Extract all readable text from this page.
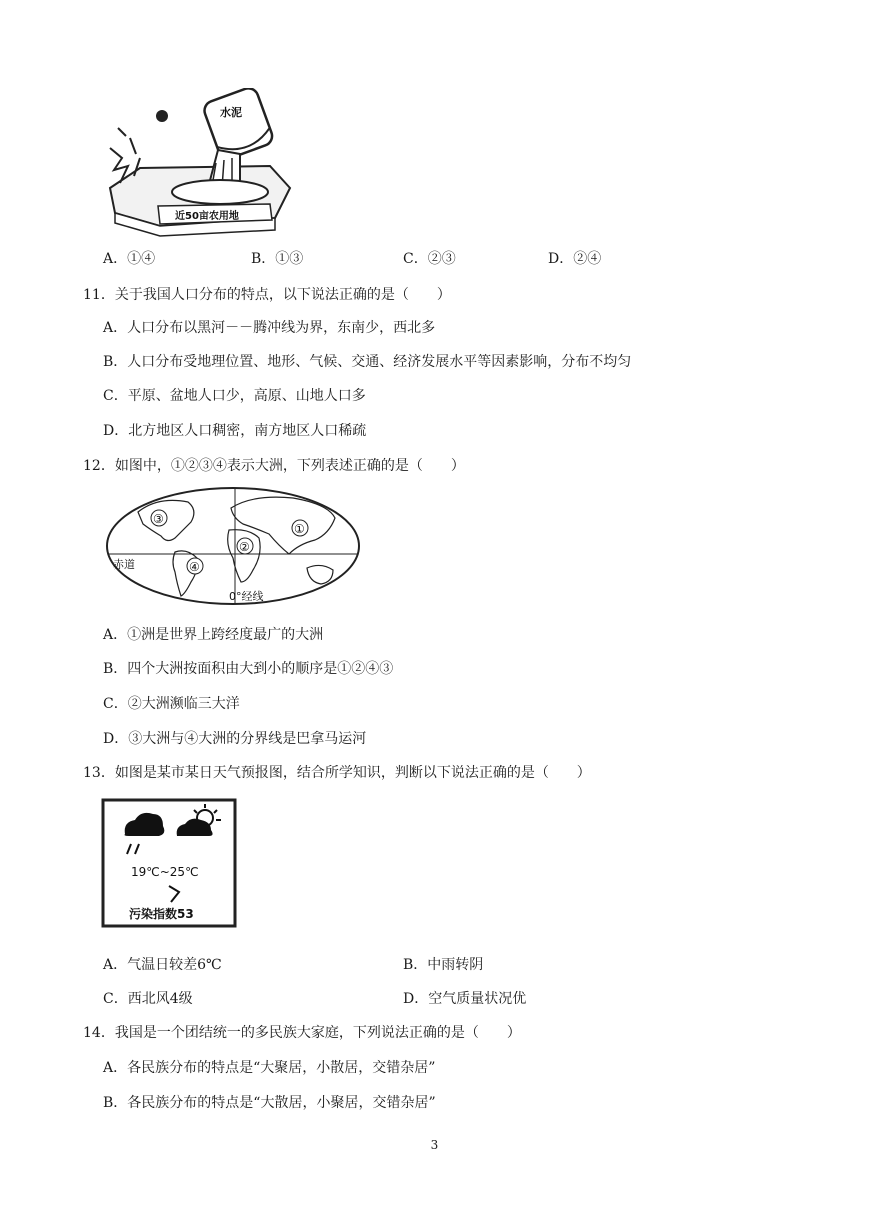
水泥
近50亩农用地
A．①④	B．①③	C．②③	D．②④
11．关于我国人口分布的特点，以下说法正确的是（　　）
A．人口分布以黑河－－腾冲线为界，东南少，西北多
B．人口分布受地理位置、地形、气候、交通、经济发展水平等因素影响，分布不均匀
C．平原、盆地人口少，高原、山地人口多
D．北方地区人口稠密，南方地区人口稀疏
12．如图中，①②③④表示大洲，下列表述正确的是（　　）
①
②
③
④
赤道
0°经线
A．①洲是世界上跨经度最广的大洲
B．四个大洲按面积由大到小的顺序是①②④③
C．②大洲濒临三大洋
D．③大洲与④大洲的分界线是巴拿马运河
13．如图是某市某日天气预报图，结合所学知识，判断以下说法正确的是（　　）
19℃~25℃
污染指数53
A．气温日较差6℃	B．中雨转阴
C．西北风4级	D．空气质量状况优
14．我国是一个团结统一的多民族大家庭，下列说法正确的是（　　）
A．各民族分布的特点是“大聚居，小散居，交错杂居”
B．各民族分布的特点是“大散居，小聚居，交错杂居”
3
